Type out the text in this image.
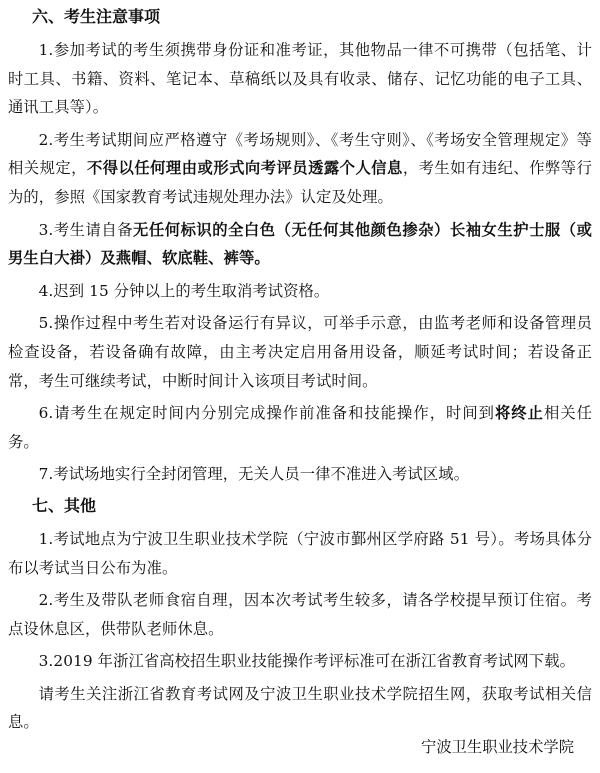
六、考生注意事项

1.参加考试的考生须携带身份证和准考证，其他物品一律不可携带（包括笔、计时工具、书籍、资料、笔记本、草稿纸以及具有收录、储存、记忆功能的电子工具、通讯工具等）。

2.考生考试期间应严格遵守《考场规则》、《考生守则》、《考场安全管理规定》等相关规定，不得以任何理由或形式向考评员透露个人信息，考生如有违纪、作弊等行为的，参照《国家教育考试违规处理办法》认定及处理。

3.考生请自备无任何标识的全白色（无任何其他颜色掺杂）长袖女生护士服（或男生白大褂）及燕帽、软底鞋、裤等。

4.迟到 15 分钟以上的考生取消考试资格。

5.操作过程中考生若对设备运行有异议，可举手示意，由监考老师和设备管理员检查设备，若设备确有故障，由主考决定启用备用设备，顺延考试时间；若设备正常，考生可继续考试，中断时间计入该项目考试时间。

6.请考生在规定时间内分别完成操作前准备和技能操作，时间到将终止相关任务。

7.考试场地实行全封闭管理，无关人员一律不准进入考试区域。

七、其他

1.考试地点为宁波卫生职业技术学院（宁波市鄞州区学府路 51 号）。考场具体分布以考试当日公布为准。

2.考生及带队老师食宿自理，因本次考试考生较多，请各学校提早预订住宿。考点设休息区，供带队老师休息。

3.2019 年浙江省高校招生职业技能操作考评标准可在浙江省教育考试网下载。

请考生关注浙江省教育考试网及宁波卫生职业技术学院招生网，获取考试相关信息。

宁波卫生职业技术学院
